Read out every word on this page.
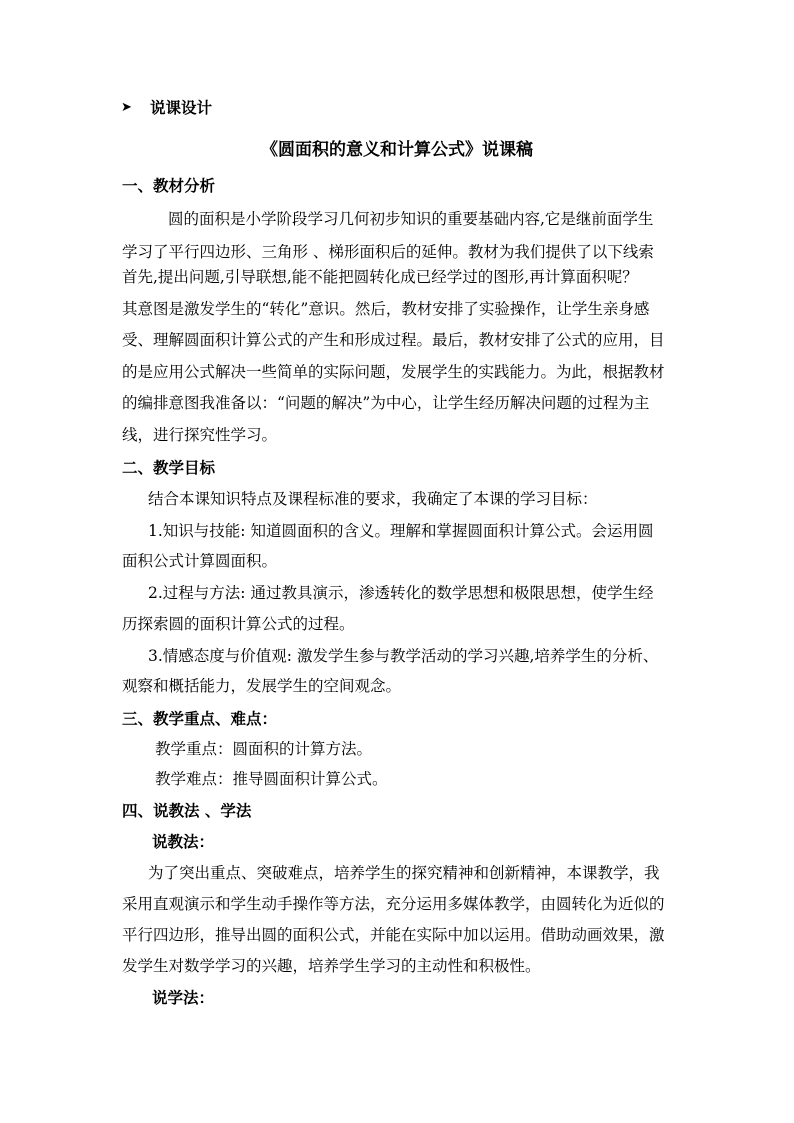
➤ 说课设计
《圆面积的意义和计算公式》说课稿
一、教材分析
圆的面积是小学阶段学习几何初步知识的重要基础内容,它是继前面学生
学习了平行四边形、三角形 、梯形面积后的延伸。教材为我们提供了以下线索
首先,提出问题,引导联想,能不能把圆转化成已经学过的图形,再计算面积呢？
其意图是激发学生的“转化”意识。然后，教材安排了实验操作，让学生亲身感
受、理解圆面积计算公式的产生和形成过程。最后，教材安排了公式的应用，目
的是应用公式解决一些简单的实际问题，发展学生的实践能力。为此，根据教材
的编排意图我准备以：“问题的解决”为中心，让学生经历解决问题的过程为主
线，进行探究性学习。
二、教学目标
结合本课知识特点及课程标准的要求，我确定了本课的学习目标：
1.知识与技能: 知道圆面积的含义。理解和掌握圆面积计算公式。会运用圆
面积公式计算圆面积。
2.过程与方法: 通过教具演示，渗透转化的数学思想和极限思想，使学生经
历探索圆的面积计算公式的过程。
3.情感态度与价值观: 激发学生参与教学活动的学习兴趣,培养学生的分析、
观察和概括能力，发展学生的空间观念。
三、教学重点、难点：
教学重点：圆面积的计算方法。
教学难点：推导圆面积计算公式。
四、说教法 、学法
说教法：
为了突出重点、突破难点，培养学生的探究精神和创新精神，本课教学，我
采用直观演示和学生动手操作等方法，充分运用多媒体教学，由圆转化为近似的
平行四边形，推导出圆的面积公式，并能在实际中加以运用。借助动画效果，激
发学生对数学学习的兴趣，培养学生学习的主动性和积极性。
说学法：
